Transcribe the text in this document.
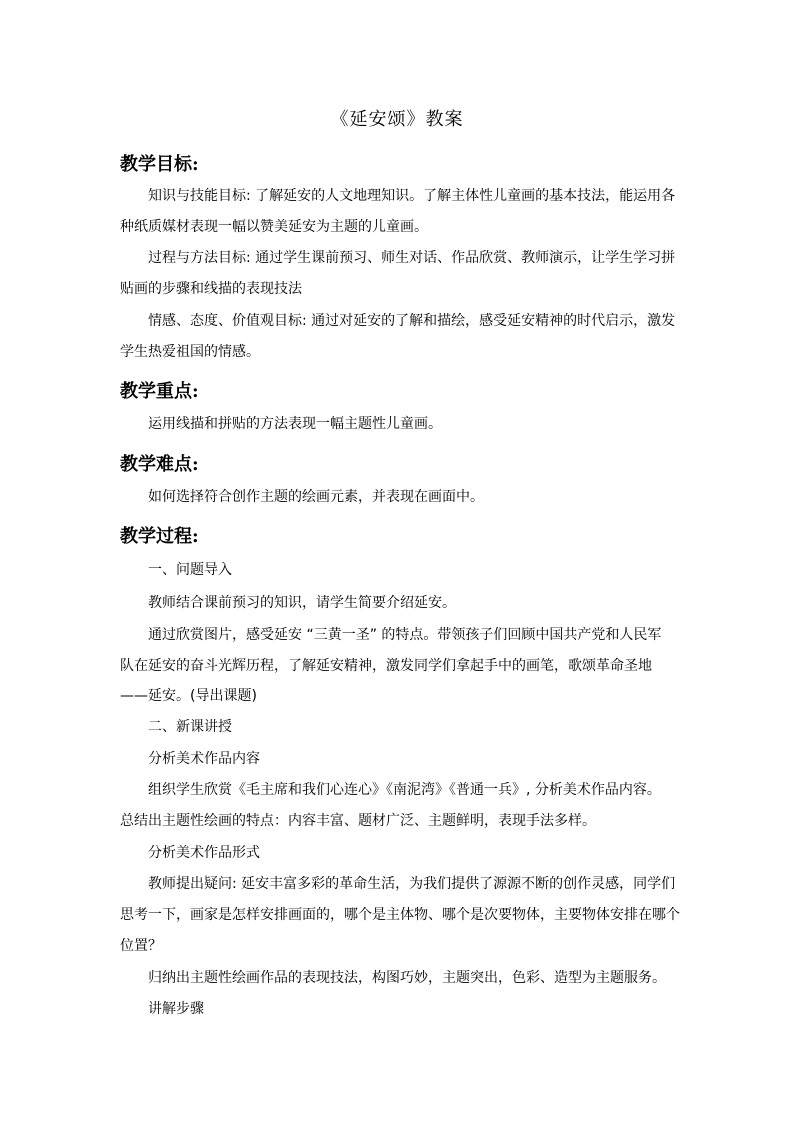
《延安颂》教案
教学目标:
知识与技能目标: 了解延安的人文地理知识。了解主体性儿童画的基本技法，能运用各
种纸质媒材表现一幅以赞美延安为主题的儿童画。
过程与方法目标: 通过学生课前预习、师生对话、作品欣赏、教师演示，让学生学习拼
贴画的步骤和线描的表现技法
情感、态度、价值观目标: 通过对延安的了解和描绘，感受延安精神的时代启示，激发
学生热爱祖国的情感。
教学重点:
运用线描和拼贴的方法表现一幅主题性儿童画。
教学难点:
如何选择符合创作主题的绘画元素，并表现在画面中。
教学过程:
一、问题导入
教师结合课前预习的知识，请学生简要介绍延安。
通过欣赏图片，感受延安 “三黄一圣” 的特点。带领孩子们回顾中国共产党和人民军
队在延安的奋斗光辉历程，了解延安精神，激发同学们拿起手中的画笔，歌颂革命圣地
——延安。(导出课题)
二、新课讲授
分析美术作品内容
组织学生欣赏《毛主席和我们心连心》《南泥湾》《普通一兵》, 分析美术作品内容。
总结出主题性绘画的特点：内容丰富、题材广泛、主题鲜明，表现手法多样。
分析美术作品形式
教师提出疑问: 延安丰富多彩的革命生活，为我们提供了源源不断的创作灵感，同学们
思考一下，画家是怎样安排画面的，哪个是主体物、哪个是次要物体，主要物体安排在哪个
位置？
归纳出主题性绘画作品的表现技法，构图巧妙，主题突出，色彩、造型为主题服务。
讲解步骤
